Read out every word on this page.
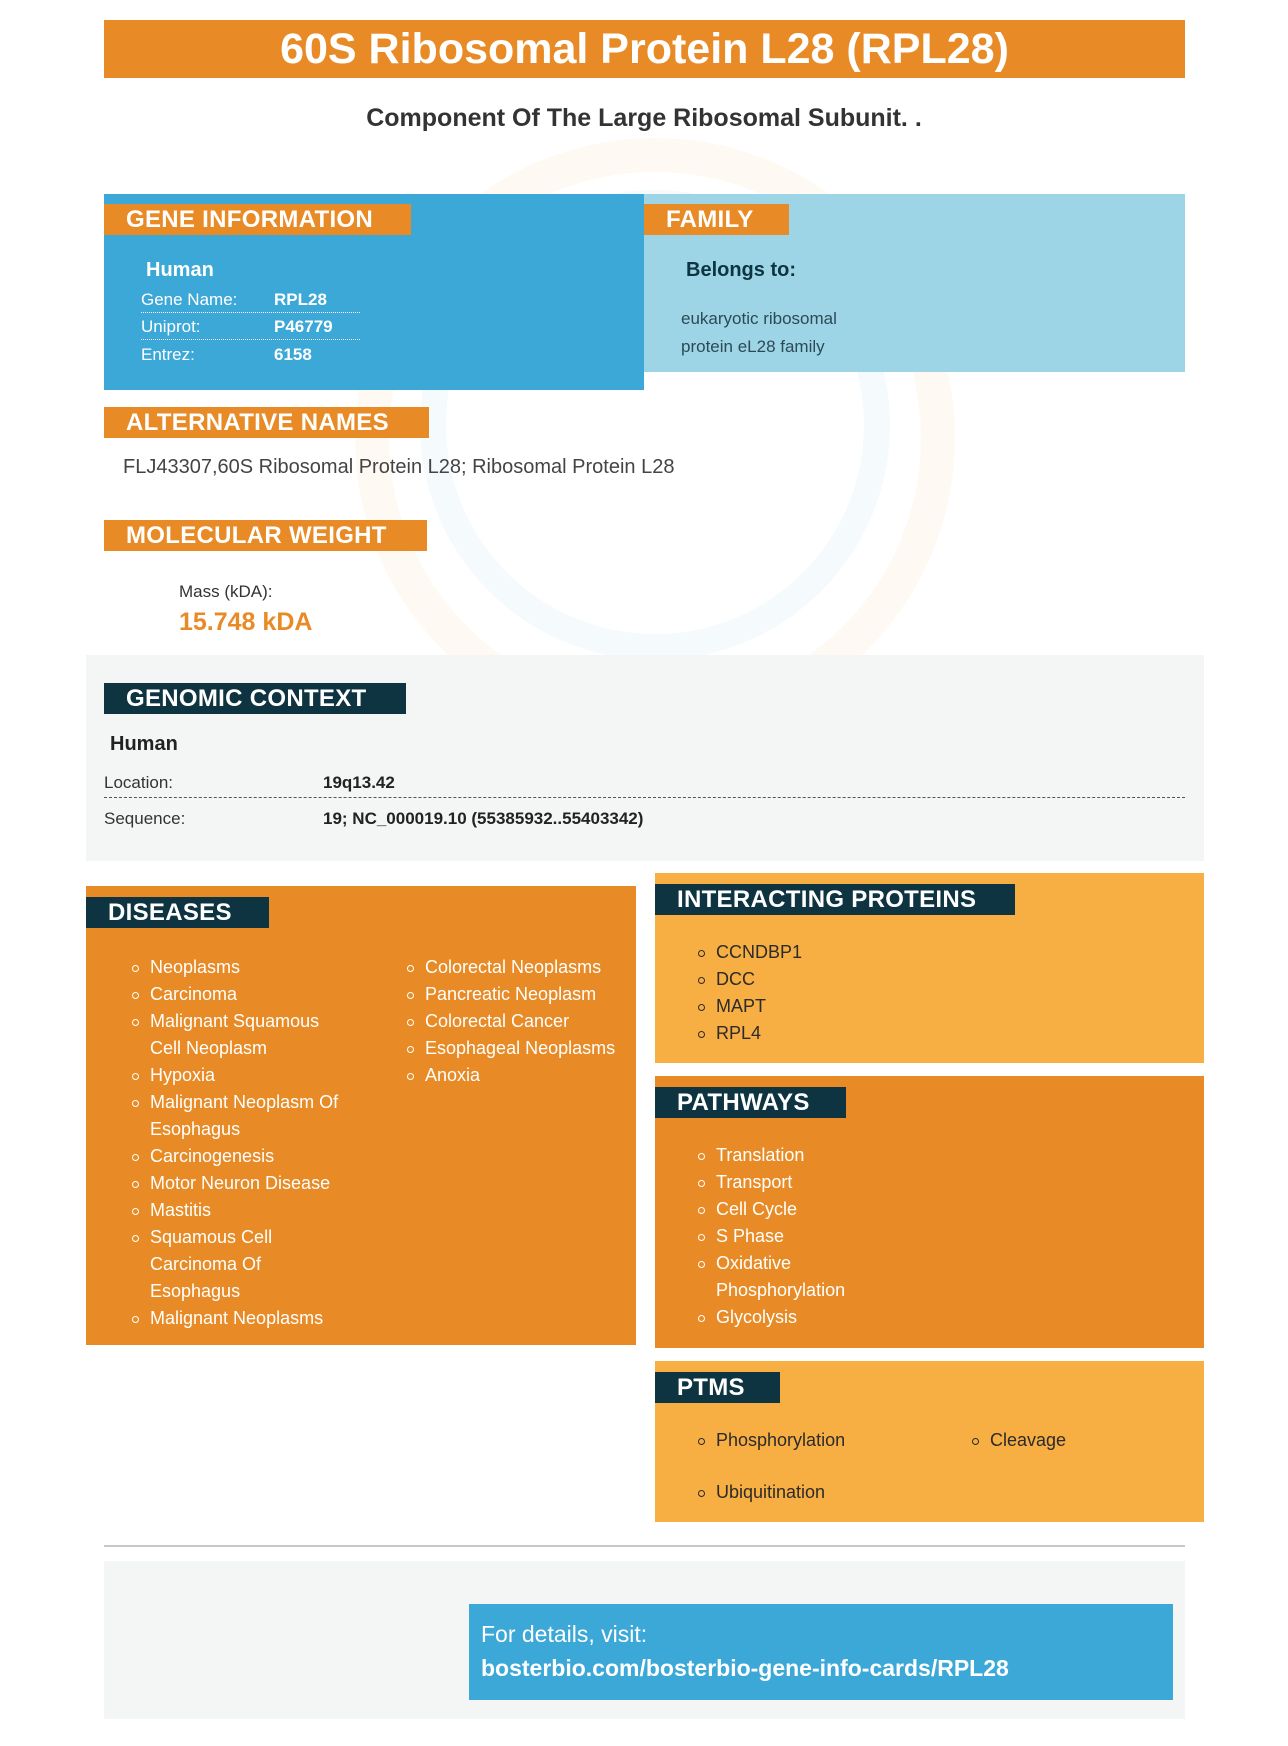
60S Ribosomal Protein L28 (RPL28)
Component Of The Large Ribosomal Subunit. .
GENE INFORMATION
Human
Gene Name: RPL28
Uniprot:	P46779
Entrez:	6158
FAMILY
Belongs to:
eukaryotic ribosomal
protein eL28 family
ALTERNATIVE NAMES
FLJ43307,60S Ribosomal Protein L28; Ribosomal Protein L28
MOLECULAR WEIGHT
Mass (kDA):
15.748 kDA
GENOMIC CONTEXT
Human
Location:	19q13.42
Sequence:	19; NC_000019.10 (55385932..55403342)
DISEASES
Neoplasms
Carcinoma
Malignant Squamous
Cell Neoplasm
Hypoxia
Malignant Neoplasm Of
Esophagus
Carcinogenesis
Motor Neuron Disease
Mastitis
Squamous Cell
Carcinoma Of
Esophagus
Malignant Neoplasms
Colorectal Neoplasms
Pancreatic Neoplasm
Colorectal Cancer
Esophageal Neoplasms
Anoxia
INTERACTING PROTEINS
CCNDBP1
DCC
MAPT
RPL4
PATHWAYS
Translation
Transport
Cell Cycle
S Phase
Oxidative
Phosphorylation
Glycolysis
PTMS
Phosphorylation
Ubiquitination
Cleavage
For details, visit:
bosterbio.com/bosterbio-gene-info-cards/RPL28
